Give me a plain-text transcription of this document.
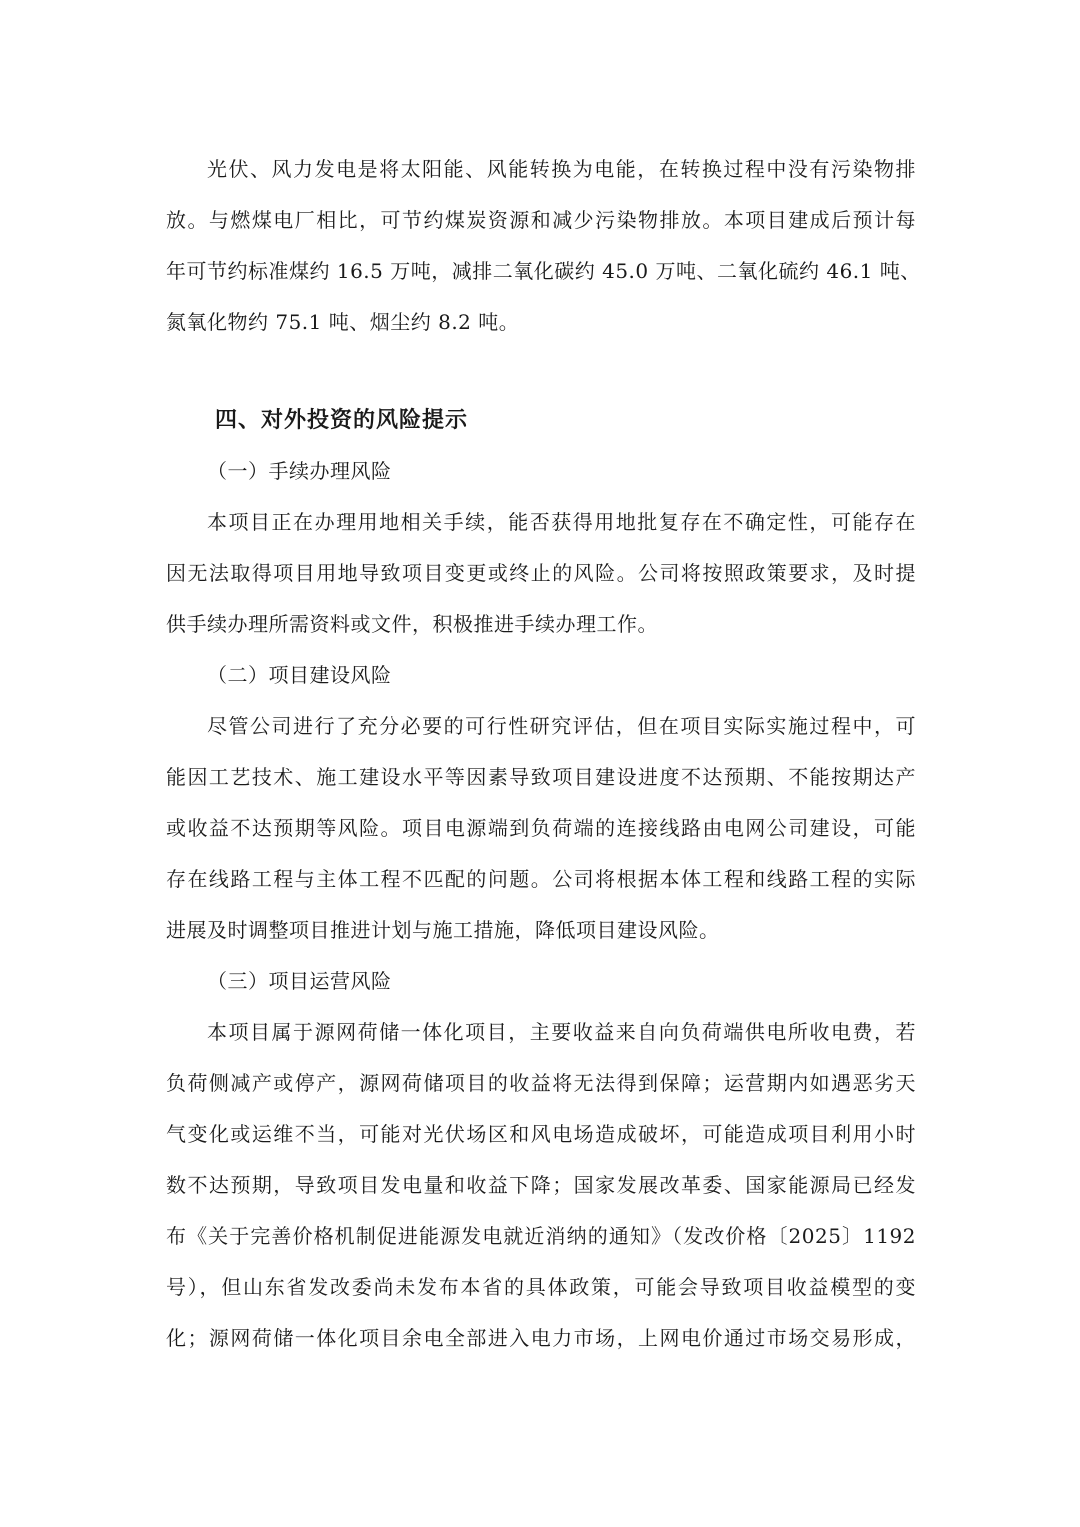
光伏、风力发电是将太阳能、风能转换为电能，在转换过程中没有污染物排
放。与燃煤电厂相比，可节约煤炭资源和减少污染物排放。本项目建成后预计每
年可节约标准煤约 16.5 万吨，减排二氧化碳约 45.0 万吨、二氧化硫约 46.1 吨、
氮氧化物约 75.1 吨、烟尘约 8.2 吨。
四、对外投资的风险提示
（一）手续办理风险
本项目正在办理用地相关手续，能否获得用地批复存在不确定性，可能存在
因无法取得项目用地导致项目变更或终止的风险。公司将按照政策要求，及时提
供手续办理所需资料或文件，积极推进手续办理工作。
（二）项目建设风险
尽管公司进行了充分必要的可行性研究评估，但在项目实际实施过程中，可
能因工艺技术、施工建设水平等因素导致项目建设进度不达预期、不能按期达产
或收益不达预期等风险。项目电源端到负荷端的连接线路由电网公司建设，可能
存在线路工程与主体工程不匹配的问题。公司将根据本体工程和线路工程的实际
进展及时调整项目推进计划与施工措施，降低项目建设风险。
（三）项目运营风险
本项目属于源网荷储一体化项目，主要收益来自向负荷端供电所收电费，若
负荷侧减产或停产，源网荷储项目的收益将无法得到保障；运营期内如遇恶劣天
气变化或运维不当，可能对光伏场区和风电场造成破坏，可能造成项目利用小时
数不达预期，导致项目发电量和收益下降；国家发展改革委、国家能源局已经发
布《关于完善价格机制促进能源发电就近消纳的通知》（发改价格〔2025〕1192
号），但山东省发改委尚未发布本省的具体政策，可能会导致项目收益模型的变
化；源网荷储一体化项目余电全部进入电力市场，上网电价通过市场交易形成，
